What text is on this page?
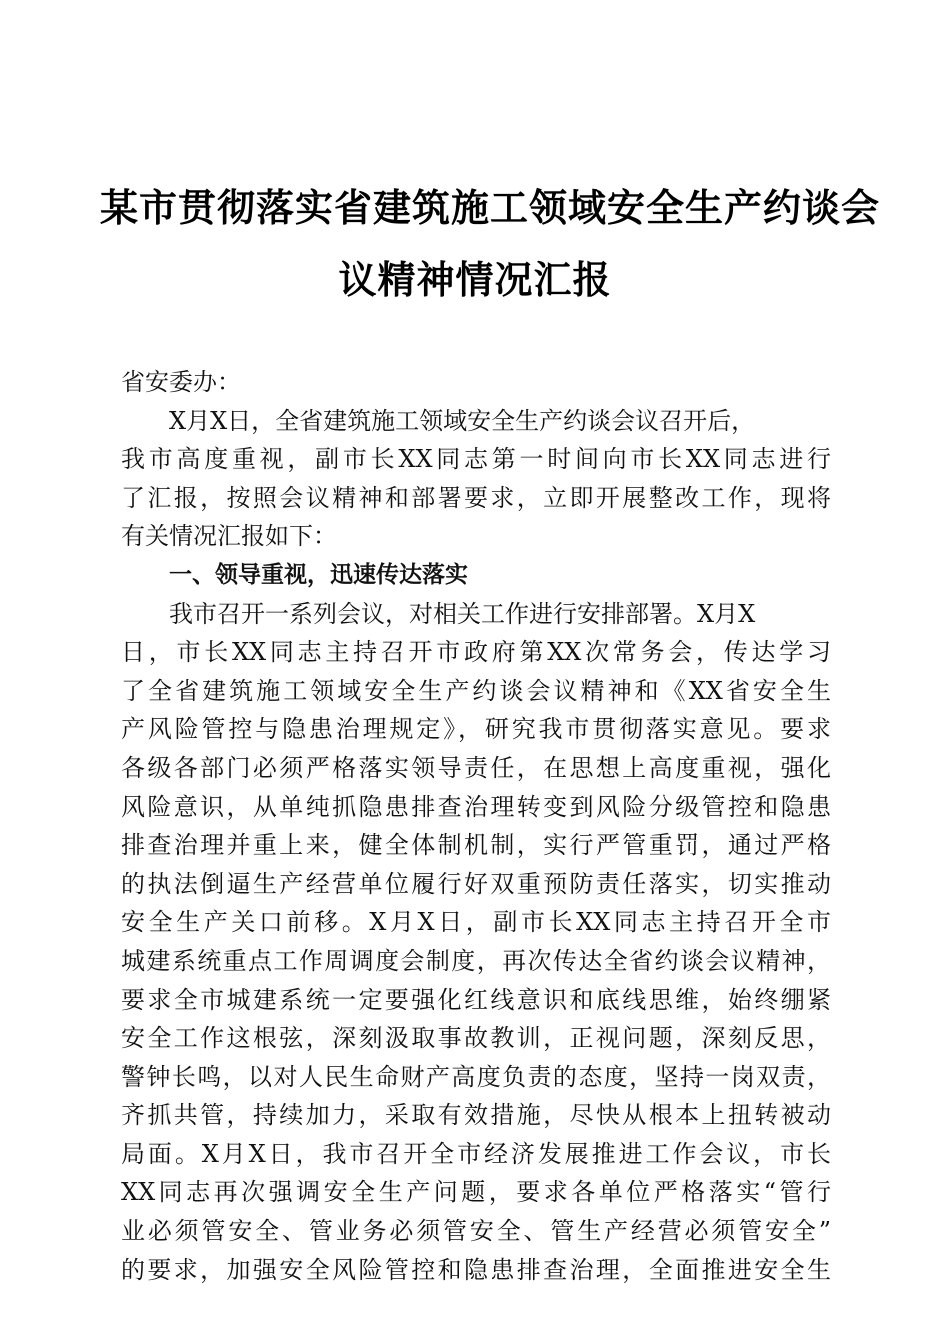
某市贯彻落实省建筑施工领域安全生产约谈会
议精神情况汇报
省安委办：
X月X日，全省建筑施工领域安全生产约谈会议召开后，
我市高度重视，副市长XX同志第一时间向市长XX同志进行
了汇报，按照会议精神和部署要求，立即开展整改工作，现将
有关情况汇报如下：
一、领导重视，迅速传达落实
我市召开一系列会议，对相关工作进行安排部署。X月X
日，市长XX同志主持召开市政府第XX次常务会，传达学习
了全省建筑施工领域安全生产约谈会议精神和《XX省安全生
产风险管控与隐患治理规定》，研究我市贯彻落实意见。要求
各级各部门必须严格落实领导责任，在思想上高度重视，强化
风险意识，从单纯抓隐患排查治理转变到风险分级管控和隐患
排查治理并重上来，健全体制机制，实行严管重罚，通过严格
的执法倒逼生产经营单位履行好双重预防责任落实，切实推动
安全生产关口前移。X月X日，副市长XX同志主持召开全市
城建系统重点工作周调度会制度，再次传达全省约谈会议精神，
要求全市城建系统一定要强化红线意识和底线思维，始终绷紧
安全工作这根弦，深刻汲取事故教训，正视问题，深刻反思，
警钟长鸣，以对人民生命财产高度负责的态度，坚持一岗双责，
齐抓共管，持续加力，采取有效措施，尽快从根本上扭转被动
局面。X月X日，我市召开全市经济发展推进工作会议，市长
XX同志再次强调安全生产问题，要求各单位严格落实“管行
业必须管安全、管业务必须管安全、管生产经营必须管安全”
的要求，加强安全风险管控和隐患排查治理，全面推进安全生
